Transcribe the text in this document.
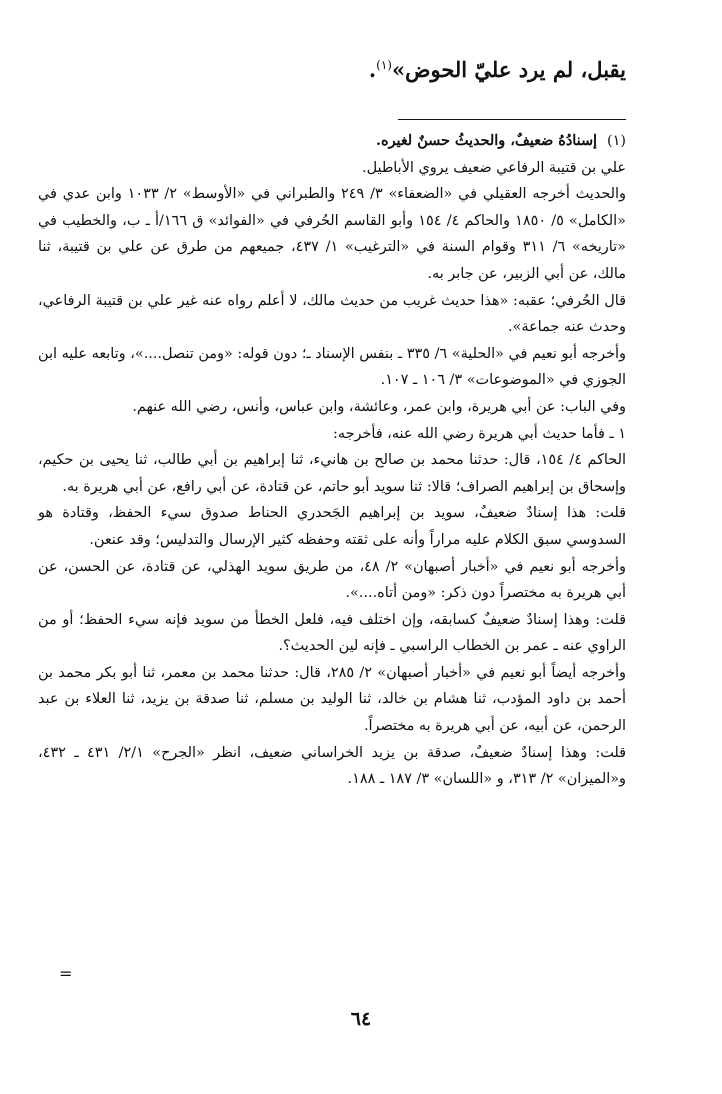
يقبل، لم يرد عليّ الحوض»$^{(١)}$.

(١)إسنادُهُ ضعيفٌ، والحديثُ حسنٌ لغيره.

علي بن قتيبة الرفاعي ضعيف يروي الأباطيل.

والحديث أخرجه العقيلي في «الضعفاء» ٣/ ٢٤٩ والطبراني في «الأوسط» ٢/ ١٠٣٣ وابن عدي في «الكامل» ٥/ ١٨٥٠ والحاكم ٤/ ١٥٤ وأبو القاسم الحُرفي في «الفوائد» ق ١٦٦/أ ـ ب، والخطيب في «تاريخه» ٦/ ٣١١ وقوام السنة في «الترغيب» ١/ ٤٣٧، جميعهم من طرق عن علي بن قتيبة، ثنا مالك، عن أبي الزبير، عن جابر به.

قال الحُرفي؛ عقبه: «هذا حديث غريب من حديث مالك، لا أعلم رواه عنه غير علي بن قتيبة الرفاعي، وحدث عنه جماعة».

وأخرجه أبو نعيم في «الحلية» ٦/ ٣٣٥ ـ بنفس الإسناد ـ؛ دون قوله: «ومن تنصل....»، وتابعه عليه ابن الجوزي في «الموضوعات» ٣/ ١٠٦ ـ ١٠٧.

وفي الباب: عن أبي هريرة، وابن عمر، وعائشة، وابن عباس، وأنس، رضي الله عنهم.

١ ـ فأما حديث أبي هريرة رضي الله عنه، فأخرجه:

الحاكم ٤/ ١٥٤، قال: حدثنا محمد بن صالح بن هانيء، ثنا إبراهيم بن أبي طالب، ثنا يحيى بن حكيم، وإسحاق بن إبراهيم الصراف؛ قالا: ثنا سويد أبو حاتم، عن قتادة، عن أبي رافع، عن أبي هريرة به.

قلت: هذا إسنادٌ ضعيفٌ، سويد بن إبراهيم الجَحدري الحناط صدوق سيء الحفظ، وقتادة هو السدوسي سبق الكلام عليه مراراً وأنه على ثقته وحفظه كثير الإرسال والتدليس؛ وقد عنعن.

وأخرجه أبو نعيم في «أخبار أصبهان» ٢/ ٤٨، من طريق سويد الهذلي، عن قتادة، عن الحسن، عن أبي هريرة به مختصراً دون ذكر: «ومن أتاه....».

قلت: وهذا إسنادٌ ضعيفٌ كسابقه، وإن اختلف فيه، فلعل الخطأ من سويد فإنه سيء الحفظ؛ أو من الراوي عنه ـ عمر بن الخطاب الراسبي ـ فإنه لين الحديث؟.

وأخرجه أيضاً أبو نعيم في «أخبار أصبهان» ٢/ ٢٨٥، قال: حدثنا محمد بن معمر، ثنا أبو بكر محمد بن أحمد بن داود المؤدب، ثنا هشام بن خالد، ثنا الوليد بن مسلم، ثنا صدقة بن يزيد، ثنا العلاء بن عبد الرحمن، عن أبيه، عن أبي هريرة به مختصراً.

قلت: وهذا إسنادٌ ضعيفٌ، صدقة بن يزيد الخراساني ضعيف، انظر «الجرح» ٢/١/ ٤٣١ ـ ٤٣٢، و«الميزان» ٢/ ٣١٣، و «اللسان» ٣/ ١٨٧ ـ ١٨٨.

=
٦٤
